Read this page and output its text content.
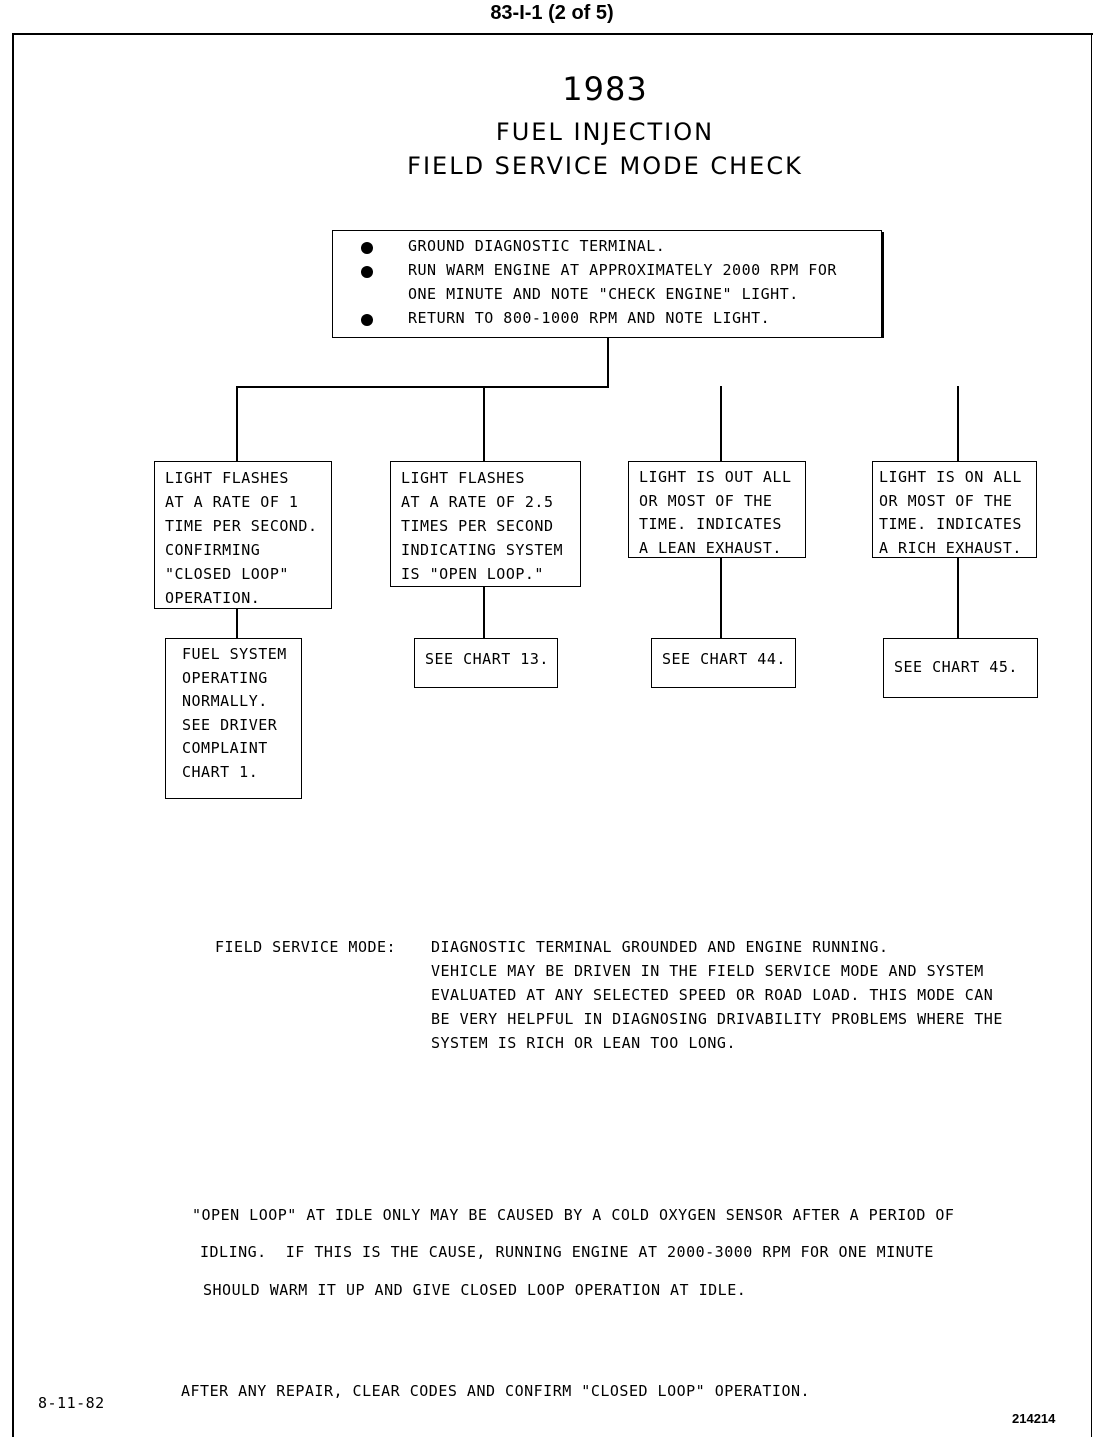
83-I-1 (2 of 5)
1983
FUEL INJECTION
FIELD SERVICE MODE CHECK
GROUND DIAGNOSTIC TERMINAL.
RUN WARM ENGINE AT APPROXIMATELY 2000 RPM FOR
ONE MINUTE AND NOTE "CHECK ENGINE" LIGHT.
RETURN TO 800-1000 RPM AND NOTE LIGHT.
LIGHT FLASHES
AT A RATE OF 1
TIME PER SECOND.
CONFIRMING
"CLOSED LOOP"
OPERATION.
LIGHT FLASHES
AT A RATE OF 2.5
TIMES PER SECOND
INDICATING SYSTEM
IS "OPEN LOOP."
LIGHT IS OUT ALL
OR MOST OF THE
TIME. INDICATES
A LEAN EXHAUST.
LIGHT IS ON ALL
OR MOST OF THE
TIME. INDICATES
A RICH EXHAUST.
FUEL SYSTEM
OPERATING
NORMALLY.
SEE DRIVER
COMPLAINT
CHART 1.
SEE CHART 13.	SEE CHART 44.	SEE CHART 45.
FIELD SERVICE MODE: DIAGNOSTIC TERMINAL GROUNDED AND ENGINE RUNNING.
VEHICLE MAY BE DRIVEN IN THE FIELD SERVICE MODE AND SYSTEM
EVALUATED AT ANY SELECTED SPEED OR ROAD LOAD. THIS MODE CAN
BE VERY HELPFUL IN DIAGNOSING DRIVABILITY PROBLEMS WHERE THE
SYSTEM IS RICH OR LEAN TOO LONG.
"OPEN LOOP" AT IDLE ONLY MAY BE CAUSED BY A COLD OXYGEN SENSOR AFTER A PERIOD OF
IDLING.  IF THIS IS THE CAUSE, RUNNING ENGINE AT 2000-3000 RPM FOR ONE MINUTE
SHOULD WARM IT UP AND GIVE CLOSED LOOP OPERATION AT IDLE.
8-11-82
AFTER ANY REPAIR, CLEAR CODES AND CONFIRM "CLOSED LOOP" OPERATION.
214214
